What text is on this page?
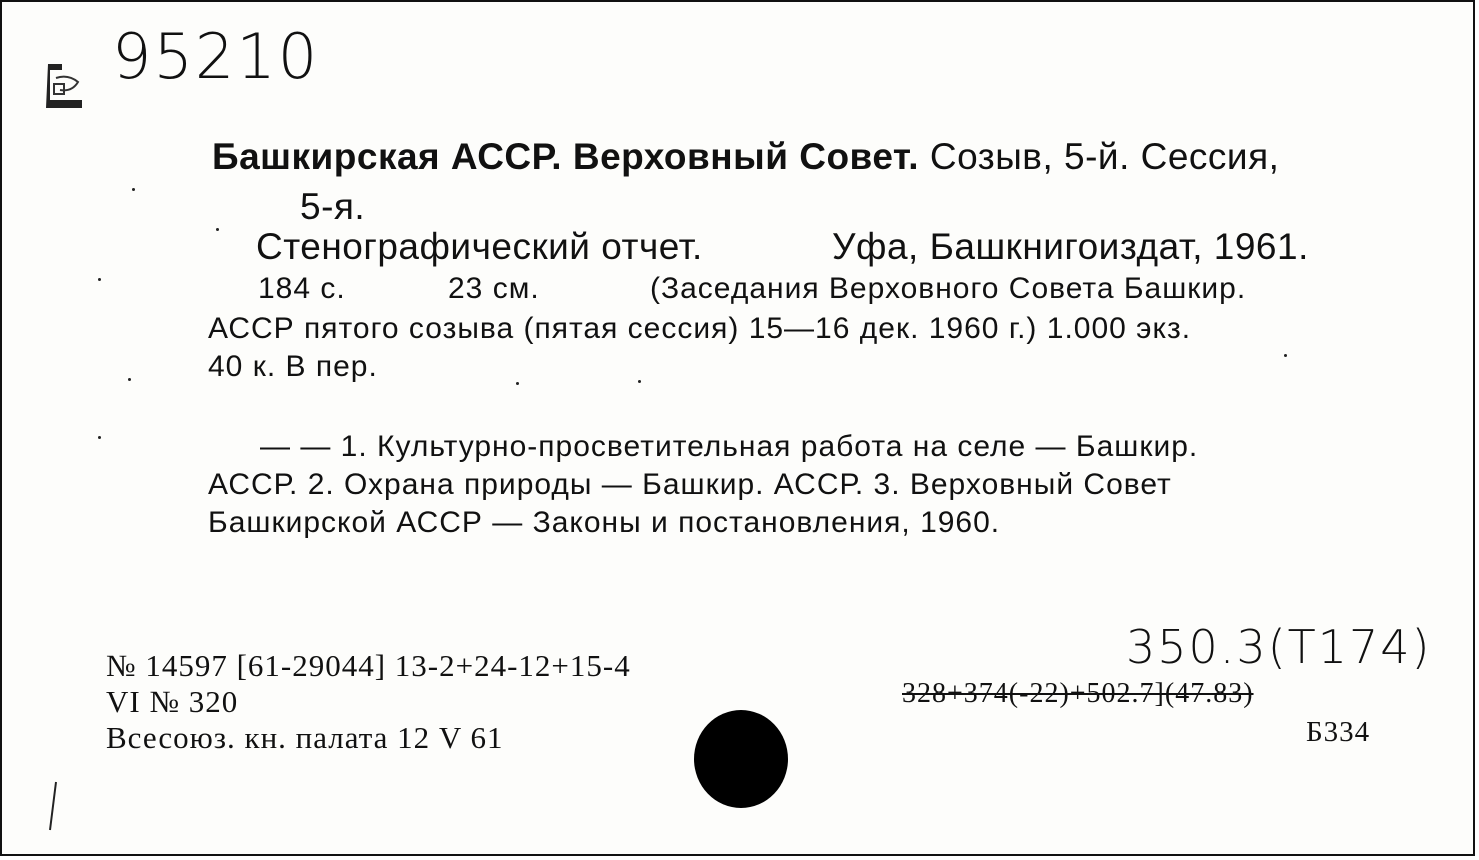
95210
Башкирская АССР. Верховный Совет. Созыв, 5-й. Сессия,
5-я.
Стенографический отчет.	Уфа, Башкнигоиздат, 1961.
184 с.	23 см.	(Заседания Верховного Совета Башкир.
АССР пятого созыва (пятая сессия) 15—16 дек. 1960 г.) 1.000 экз.
40 к. В пер.
— — 1. Культурно-просветительная работа на селе — Башкир.
АССР. 2. Охрана природы — Башкир. АССР. 3. Верховный Совет
Башкирской АССР — Законы и постановления, 1960.
№ 14597 [61-29044] 13-2+24-12+15-4
VI № 320
Всесоюз. кн. палата 12 V 61
350.3(Т174)
328+374(-22)+502.7](47.83)
Б334
